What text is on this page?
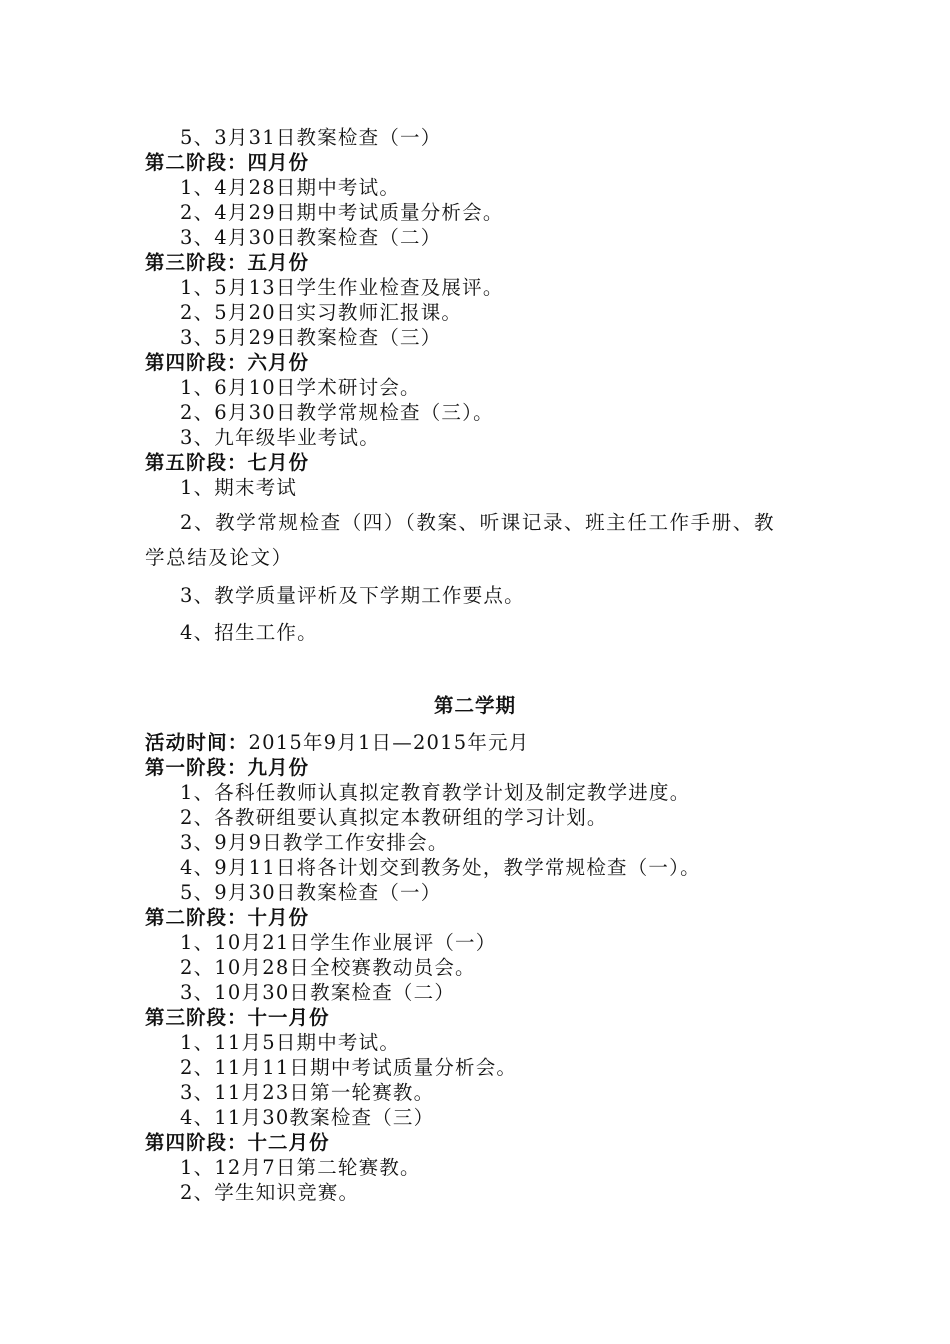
5、3月31日教案检查（一）
第二阶段：四月份
1、4月28日期中考试。
2、4月29日期中考试质量分析会。
3、4月30日教案检查（二）
第三阶段：五月份
1、5月13日学生作业检查及展评。
2、5月20日实习教师汇报课。
3、5月29日教案检查（三）
第四阶段：六月份
1、6月10日学术研讨会。
2、6月30日教学常规检查（三）。
3、九年级毕业考试。
第五阶段：七月份
1、期末考试
2、教学常规检查（四）（教案、听课记录、班主任工作手册、教
学总结及论文）
3、教学质量评析及下学期工作要点。
4、招生工作。
第二学期
活动时间：2015年9月1日—2015年元月
第一阶段：九月份
1、各科任教师认真拟定教育教学计划及制定教学进度。
2、各教研组要认真拟定本教研组的学习计划。
3、9月9日教学工作安排会。
4、9月11日将各计划交到教务处，教学常规检查（一）。
5、9月30日教案检查（一）
第二阶段：十月份
1、10月21日学生作业展评（一）
2、10月28日全校赛教动员会。
3、10月30日教案检查（二）
第三阶段：十一月份
1、11月5日期中考试。
2、11月11日期中考试质量分析会。
3、11月23日第一轮赛教。
4、11月30教案检查（三）
第四阶段：十二月份
1、12月7日第二轮赛教。
2、学生知识竞赛。
